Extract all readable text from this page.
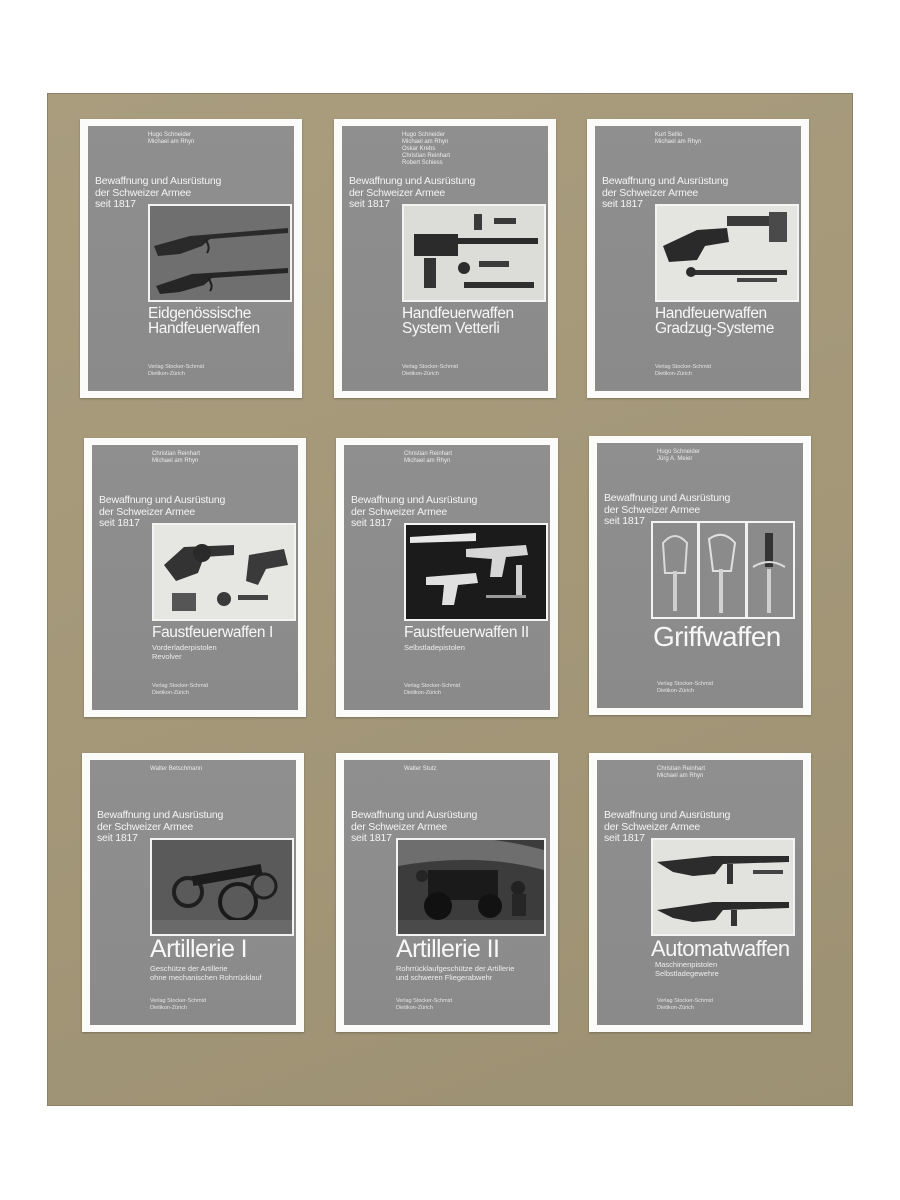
Hugo Schneider
Michael am Rhyn
Bewaffnung und Ausrüstung
der Schweizer Armee
seit 1817
Eidgenössische
Handfeuerwaffen
Verlag Stocker-Schmid
Dietikon-Zürich
Hugo Schneider
Michael am Rhyn
Oskar Krebs
Christian Reinhart
Robert Schiess
Bewaffnung und Ausrüstung
der Schweizer Armee
seit 1817
Handfeuerwaffen
System Vetterli
Verlag Stocker-Schmid
Dietikon-Zürich
Kurt Sellio
Michael am Rhyn
Bewaffnung und Ausrüstung
der Schweizer Armee
seit 1817
Handfeuerwaffen
Gradzug-Systeme
Verlag Stocker-Schmid
Dietikon-Zürich
Christian Reinhart
Michael am Rhyn
Bewaffnung und Ausrüstung
der Schweizer Armee
seit 1817
Faustfeuerwaffen I
Vorderladerpistolen
Revolver
Verlag Stocker-Schmid
Dietikon-Zürich
Christian Reinhart
Michael am Rhyn
Bewaffnung und Ausrüstung
der Schweizer Armee
seit 1817
Faustfeuerwaffen II
Selbstladepistolen
Verlag Stocker-Schmid
Dietikon-Zürich
Hugo Schneider
Jürg A. Meier
Bewaffnung und Ausrüstung
der Schweizer Armee
seit 1817
Griffwaffen
Verlag Stocker-Schmid
Dietikon-Zürich
Walter Betschmann
Bewaffnung und Ausrüstung
der Schweizer Armee
seit 1817
Artillerie I
Geschütze der Artillerie
ohne mechanischen Rohrrücklauf
Verlag Stocker-Schmid
Dietikon-Zürich
Walter Stutz
Bewaffnung und Ausrüstung
der Schweizer Armee
seit 1817
Artillerie II
Rohrrücklaufgeschütze der Artillerie
und schweren Fliegerabwehr
Verlag Stocker-Schmid
Dietikon-Zürich
Christian Reinhart
Michael am Rhyn
Bewaffnung und Ausrüstung
der Schweizer Armee
seit 1817
Automatwaffen
Maschinenpistolen
Selbstladegewehre
Verlag Stocker-Schmid
Dietikon-Zürich
